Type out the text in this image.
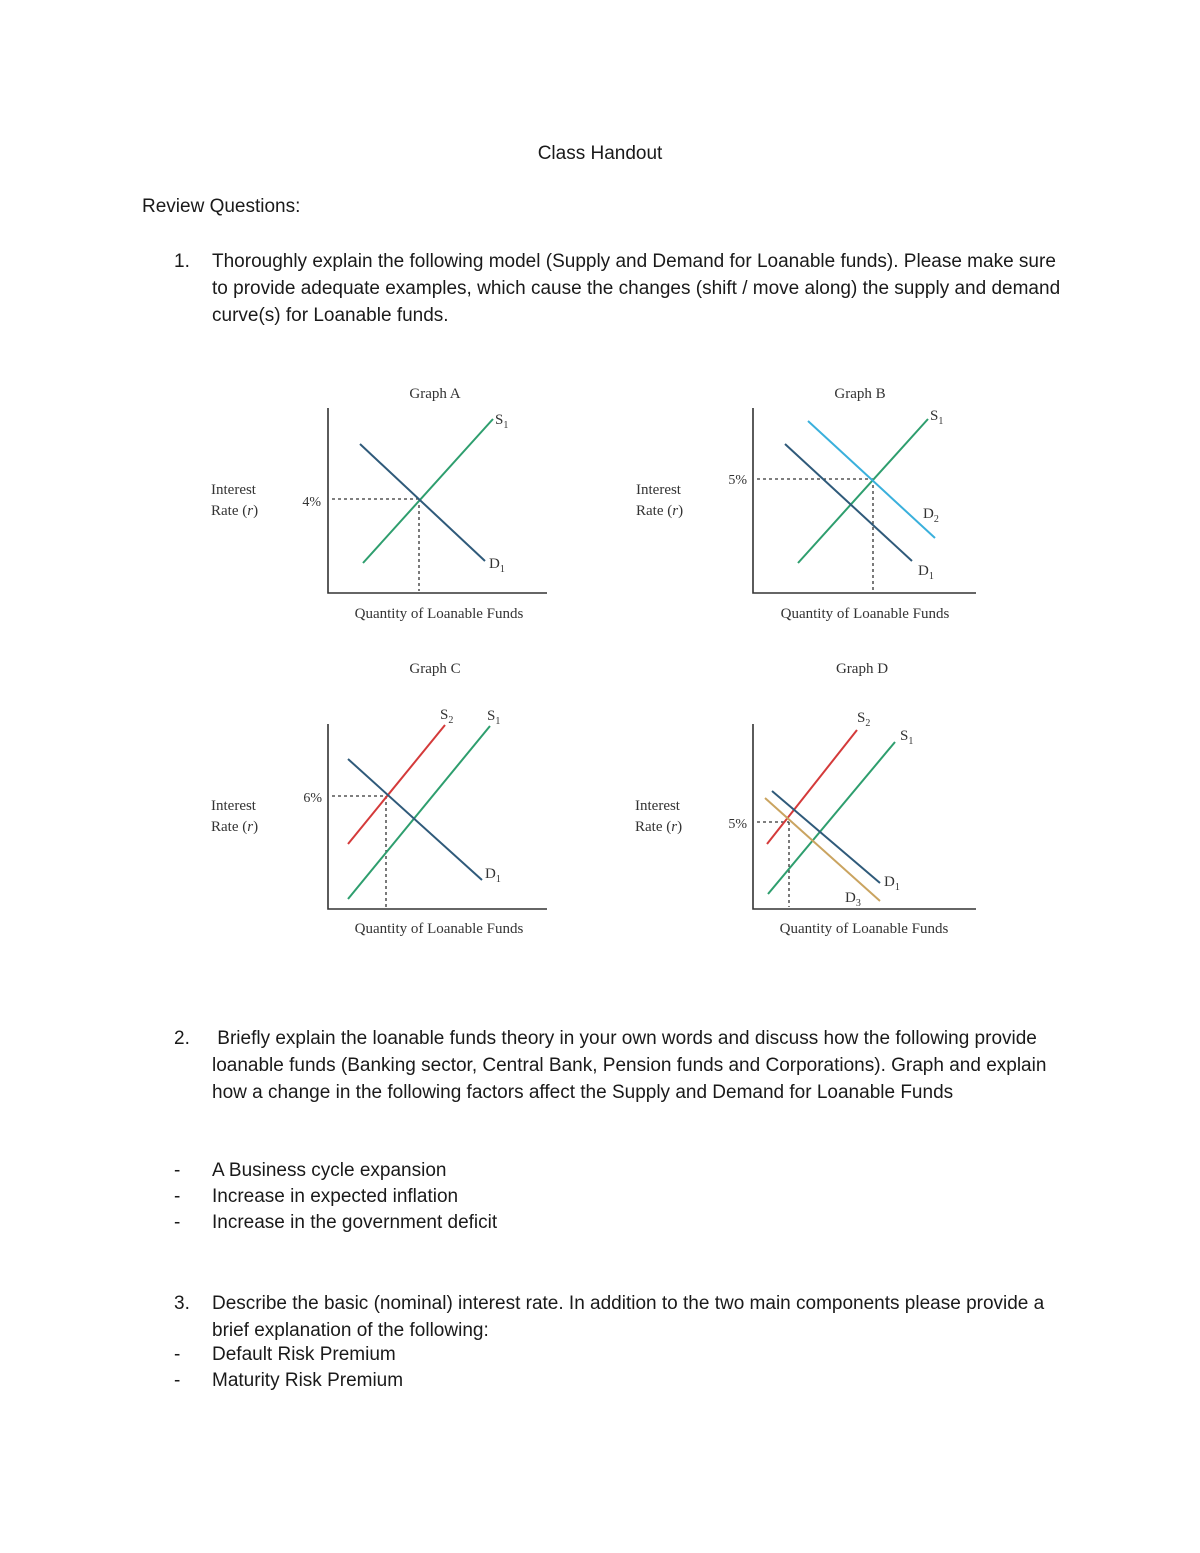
Class Handout
Review Questions:
1. Thoroughly explain the following model (Supply and Demand for Loanable funds). Please make sure to provide adequate examples, which cause the changes (shift / move along) the supply and demand curve(s) for Loanable funds.
Graph A
Interest
Rate (r)
4%
$S_1$
$D_1$
Quantity of Loanable Funds
Graph B
Interest
Rate (r)
5%
$S_1$
$D_1$
$D_2$
Quantity of Loanable Funds
Graph C
Interest
Rate (r)
6%
$S_2$ $S_1$
$D_1$
Quantity of Loanable Funds
Graph D
Interest
Rate (r)	5%
$S_2$
$S_1$
$D_1$
$D_3$
Quantity of Loanable Funds
2. Briefly explain the loanable funds theory in your own words and discuss how the following provide loanable funds (Banking sector, Central Bank, Pension funds and Corporations). Graph and explain how a change in the following factors affect the Supply and Demand for Loanable Funds
- A Business cycle expansion
- Increase in expected inflation
- Increase in the government deficit
3. Describe the basic (nominal) interest rate. In addition to the two main components please provide a brief explanation of the following:
- Default Risk Premium
- Maturity Risk Premium
